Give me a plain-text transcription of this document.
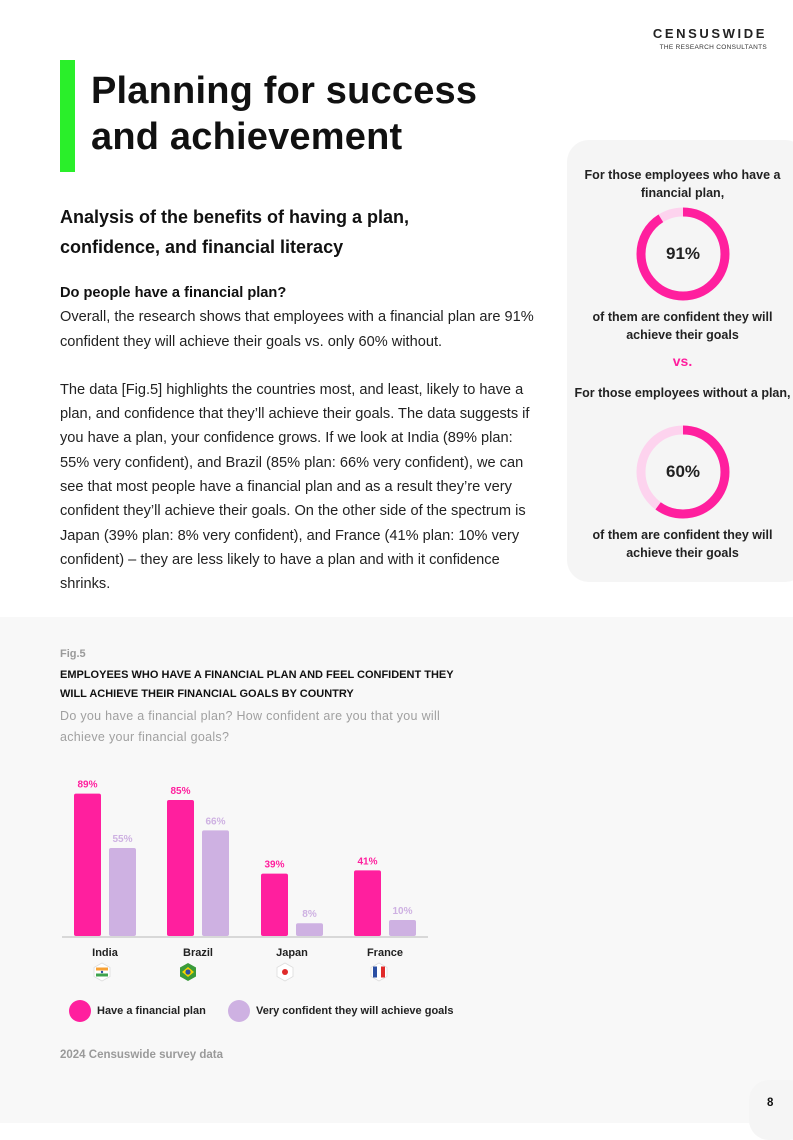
CENSUSWIDE
THE RESEARCH CONSULTANTS
Planning for success
and achievement
Analysis of the benefits of having a plan, confidence, and financial literacy

Do people have a financial plan?

Overall, the research shows that employees with a financial plan are 91% confident they will achieve their goals vs. only 60% without.

The data [Fig.5] highlights the countries most, and least, likely to have a plan, and confidence that they’ll achieve their goals. The data suggests if you have a plan, your confidence grows. If we look at India (89% plan: 55% very confident), and Brazil (85% plan: 66% very confident), we can see that most people have a financial plan and as a result they’re very confident they’ll achieve their goals. On the other side of the spectrum is Japan (39% plan: 8% very confident), and France (41% plan: 10% very confident) – they are less likely to have a plan and with it confidence shrinks.

For those employees who have a financial plan,
91%
of them are confident they will achieve their goals
vs.
For those employees without a plan,
60%
of them are confident they will achieve their goals
Fig.5
EMPLOYEES WHO HAVE A FINANCIAL PLAN AND FEEL CONFIDENT THEY WILL ACHIEVE THEIR FINANCIAL GOALS BY COUNTRY
Do you have a financial plan? How confident are you that you will achieve your financial goals?
89%
55%
India
85%
66%
Brazil
39%
8%
Japan
41%
10%
France
Have a financial plan	Very confident they will achieve goals
2024 Censuswide survey data
8
